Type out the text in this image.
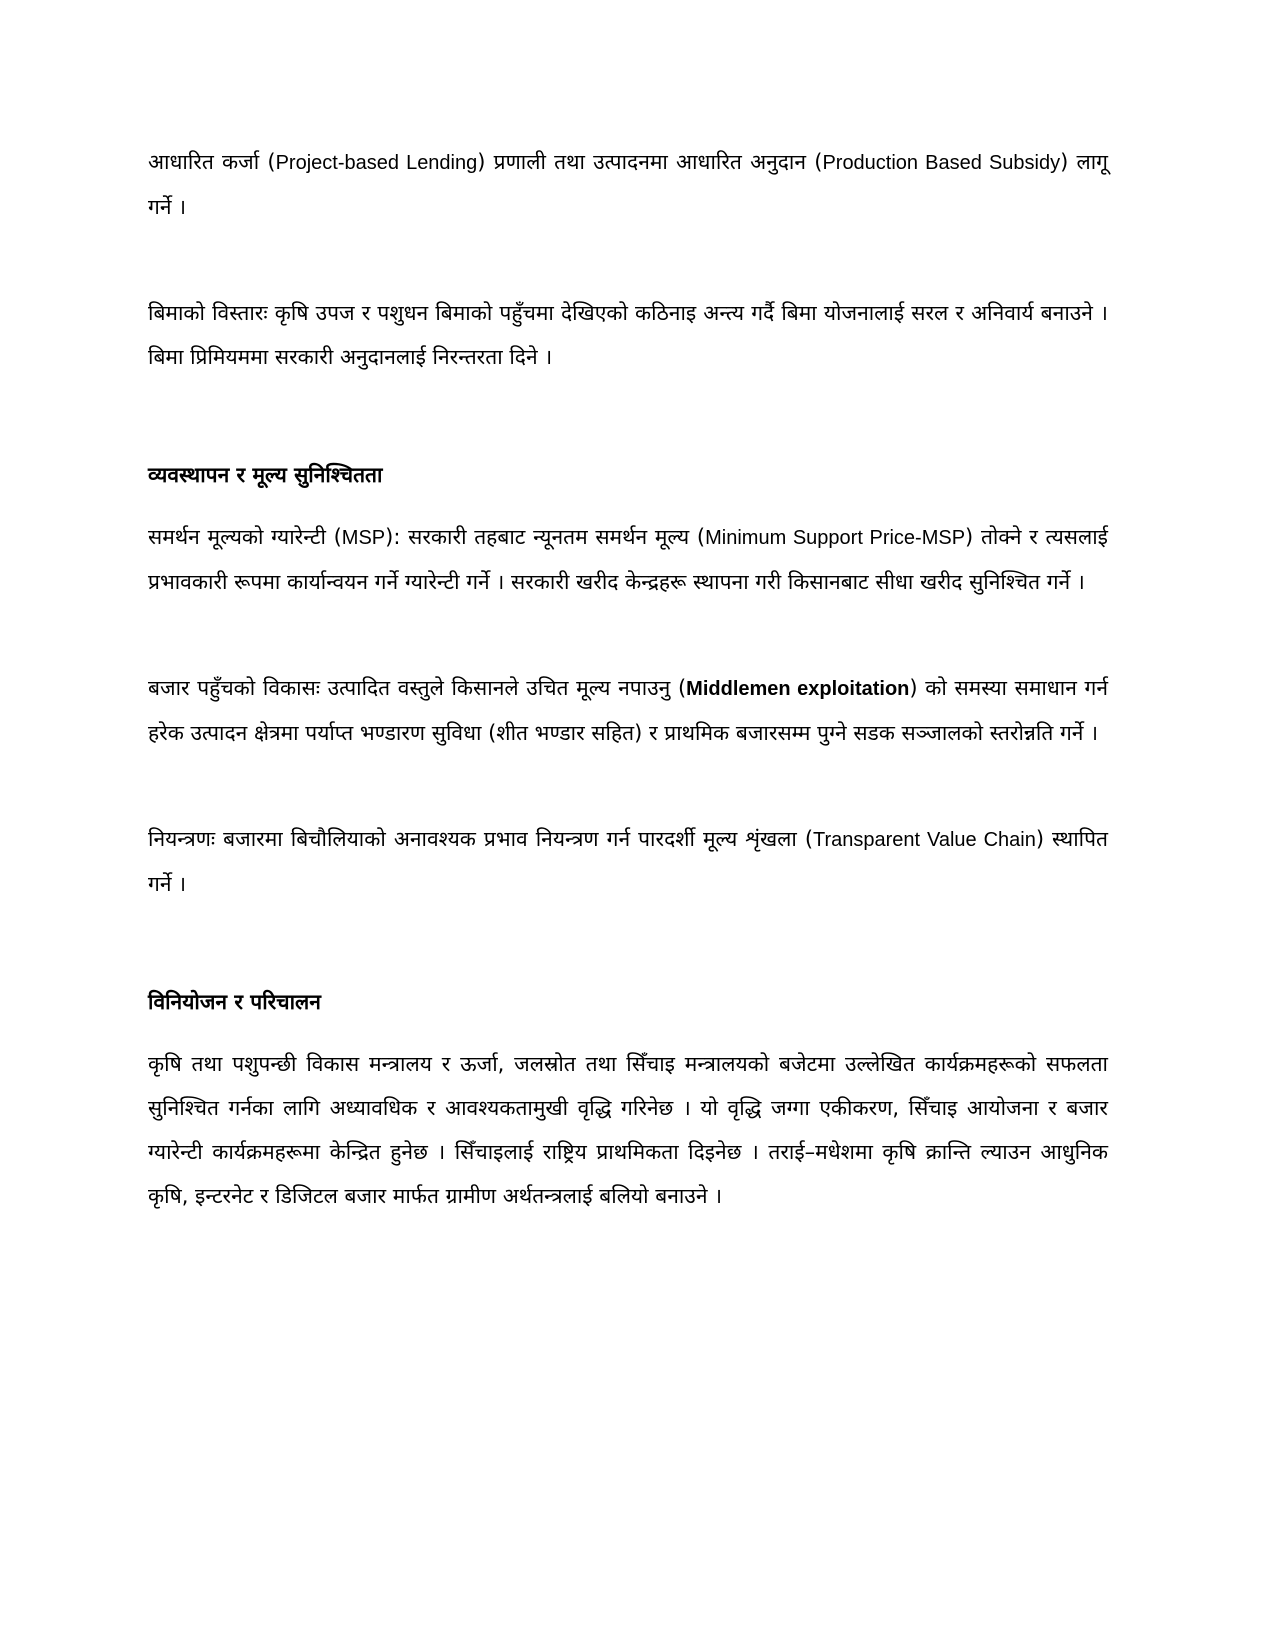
आधारित कर्जा (Project-based Lending) प्रणाली तथा उत्पादनमा आधारित अनुदान (Production Based Subsidy) लागू गर्ने ।

बिमाको विस्तारः कृषि उपज र पशुधन बिमाको पहुँचमा देखिएको कठिनाइ अन्त्य गर्दै बिमा योजनालाई सरल र अनिवार्य बनाउने । बिमा प्रिमियममा सरकारी अनुदानलाई निरन्तरता दिने ।

व्यवस्थापन र मूल्य सुनिश्चितता

समर्थन मूल्यको ग्यारेन्टी (MSP): सरकारी तहबाट न्यूनतम समर्थन मूल्य (Minimum Support Price-MSP) तोक्ने र त्यसलाई प्रभावकारी रूपमा कार्यान्वयन गर्ने ग्यारेन्टी गर्ने । सरकारी खरीद केन्द्रहरू स्थापना गरी किसानबाट सीधा खरीद सुनिश्चित गर्ने ।

बजार पहुँचको विकासः उत्पादित वस्तुले किसानले उचित मूल्य नपाउनु (Middlemen exploitation) को समस्या समाधान गर्न हरेक उत्पादन क्षेत्रमा पर्याप्त भण्डारण सुविधा (शीत भण्डार सहित) र प्राथमिक बजारसम्म पुग्ने सडक सञ्जालको स्तरोन्नति गर्ने ।

नियन्त्रणः बजारमा बिचौलियाको अनावश्यक प्रभाव नियन्त्रण गर्न पारदर्शी मूल्य शृंखला (Transparent Value Chain) स्थापित गर्ने ।

विनियोजन र परिचालन

कृषि तथा पशुपन्छी विकास मन्त्रालय र ऊर्जा, जलस्रोत तथा सिँचाइ मन्त्रालयको बजेटमा उल्लेखित कार्यक्रमहरूको सफलता सुनिश्चित गर्नका लागि अध्यावधिक र आवश्यकतामुखी वृद्धि गरिनेछ । यो वृद्धि जग्गा एकीकरण, सिँचाइ आयोजना र बजार ग्यारेन्टी कार्यक्रमहरूमा केन्द्रित हुनेछ । सिँचाइलाई राष्ट्रिय प्राथमिकता दिइनेछ । तराई–मधेशमा कृषि क्रान्ति ल्याउन आधुनिक कृषि, इन्टरनेट र डिजिटल बजार मार्फत ग्रामीण अर्थतन्त्रलाई बलियो बनाउने ।
